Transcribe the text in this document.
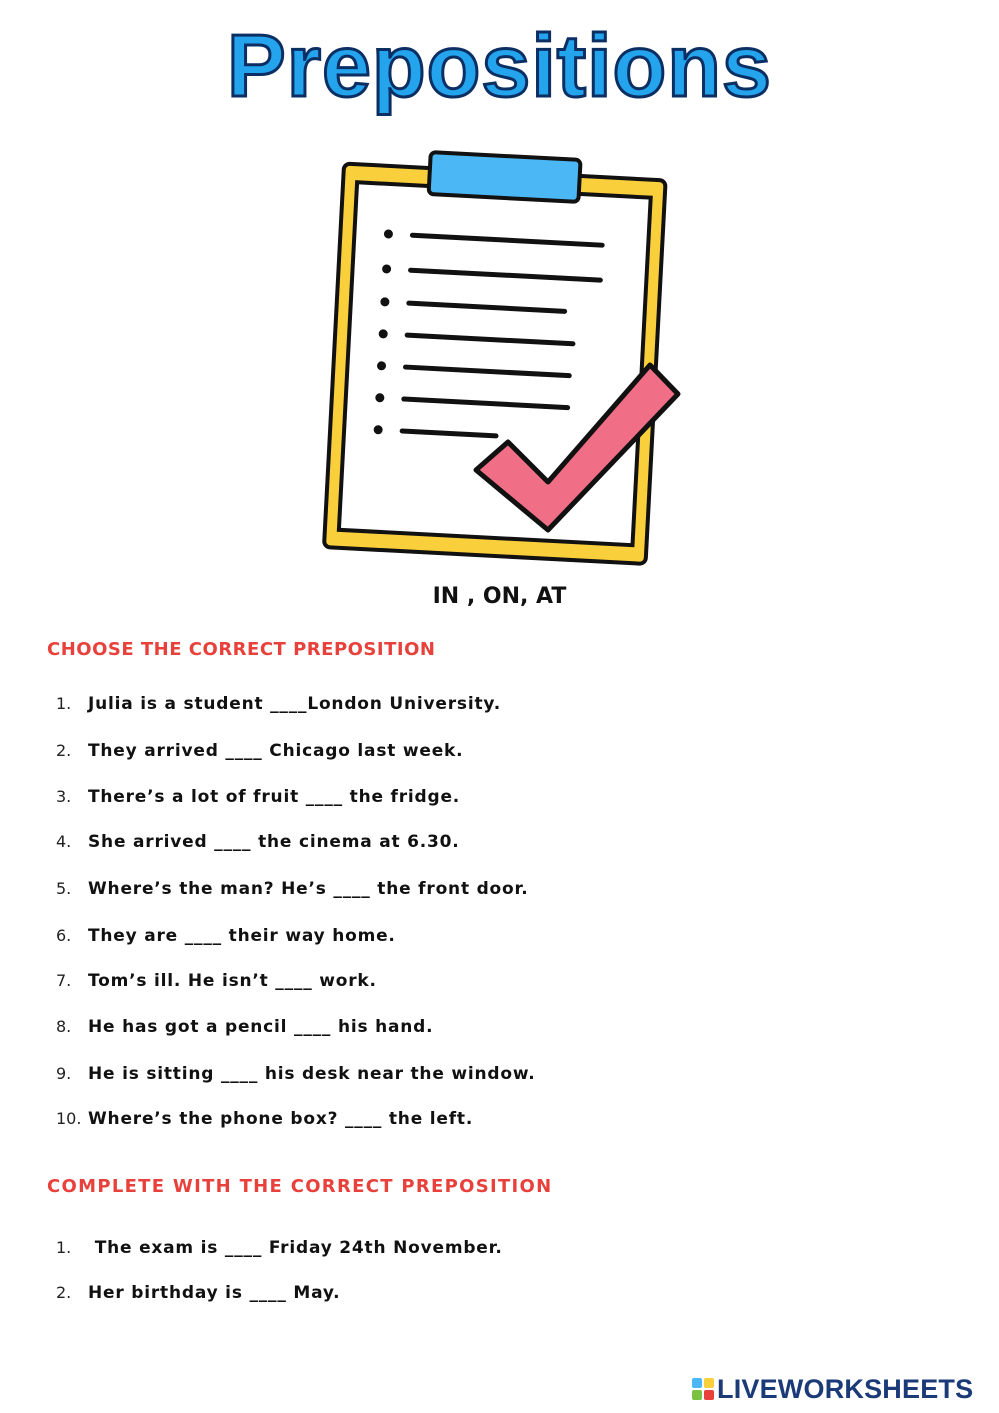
Prepositions
IN , ON, AT
CHOOSE THE CORRECT PREPOSITION
1. Julia is a student ____London University.
2. They arrived ____ Chicago last week.
3. There’s a lot of fruit ____ the fridge.
4. She arrived ____ the cinema at 6.30.
5. Where’s the man? He’s ____ the front door.
6. They are ____ their way home.
7. Tom’s ill. He isn’t ____ work.
8. He has got a pencil ____ his hand.
9. He is sitting ____ his desk near the window.
10. Where’s the phone box? ____ the left.
COMPLETE WITH THE CORRECT PREPOSITION
1. The exam is ____ Friday 24th November.
2. Her birthday is ____ May.
LIVEWORKSHEETS
